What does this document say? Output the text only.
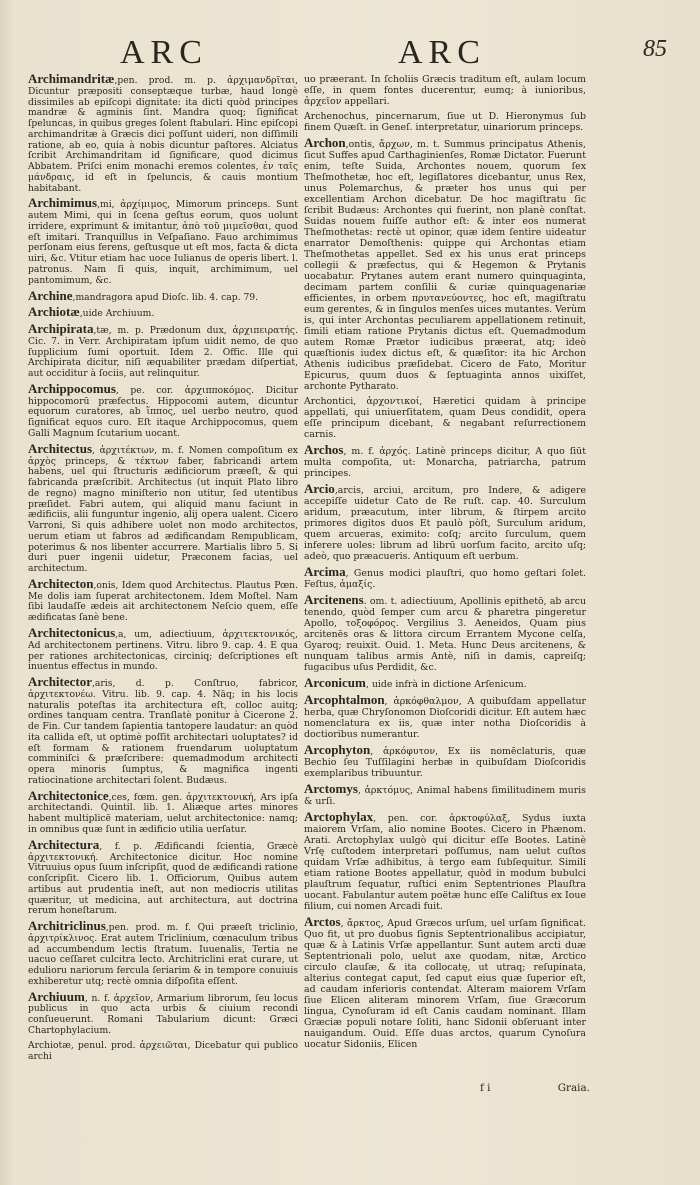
ARC	ARC	85

Archimandritæ,pen. prod. m. p. ἀρχιμανδρῖται, Dicuntur præpositi conseptæque turbæ, haud longè dissimiles ab epiſcopi dignitate: ita dicti quòd principes mandræ & agminis ſint. Mandra quoq; ſignificat ſpeluncas, in quibus greges ſolent ſtabulari. Hinc epiſcopi archimandritæ à Græcis dici poſſunt uideri, non diſſimili ratione, ab eo, quia à nobis dicuntur paſtores. Alciatus ſcribit Archimandritam id ſignificare, quod dicimus Abbatem. Priſci enim monachi eremos colentes, ἐν ταῖς μάνδραις, id eſt in ſpeluncis, & cauis montium habitabant.

Archimimus,mi, ἀρχίμιμος, Mimorum princeps. Sunt autem Mimi, qui in ſcena geſtus eorum, quos uolunt irridere, exprimunt & imitantur, ἀπὸ τοῦ μιμεῖσθαι, quod eſt imitari. Tranquillus in Veſpaſiano. Fauo archimimus perſonam eius ferens, geſtusque ut eſt mos, facta & dicta uiri, &c. Vtitur etiam hac uoce Iulianus de operis libert. l. patronus. Nam ſi quis, inquit, archimimum, uel pantomimum, &c.

Archine,mandragora apud Dioſc. lib. 4. cap. 79.

Archiotæ,uide Archiuum.

Archipirata,tæ, m. p. Prædonum dux, ἀρχιπειρατής. Cic. 7. in Verr. Archipiratam ipſum uidit nemo, de quo ſupplicium ſumi oportuit. Idem 2. Offic. Ille qui Archipirata dicitur, niſi æquabiliter prædam diſpertiat, aut occiditur à ſociis, aut relinquitur.

Archippocomus, pe. cor. ἀρχιπποκόμος. Dicitur hippocomorū præfectus. Hippocomi autem, dicuntur equorum curatores, ab ἵππος, uel uerbo neutro, quod ſignificat equos curo. Eſt itaque Archippocomus, quem Galli Magnum ſcutarium uocant.

Architectus, ἀρχιτέκτων, m. f. Nomen compoſitum ex ἀρχὸς princeps, & τέκτων faber, fabricandi artem habens, uel qui ſtructuris ædificiorum præeſt, & qui fabricanda præſcribit. Architectus (ut inquit Plato libro de regno) magno miniſterio non utitur, ſed utentibus præſidet. Fabri autem, qui aliquid manu faciunt in ædificiis, alii funguntur ingenio, alij opera ualent. Cicero Varroni, Si quis adhibere uolet non modo architectos, uerum etiam ut fabros ad ædificandam Rempublicam, poterimus & nos libenter accurrere. Martialis libro 5. Si duri puer ingenii uidetur, Præconem facias, uel architectum.

Architecton,onis, Idem quod Architectus. Plautus Pœn. Me dolis iam ſuperat architectonem. Idem Moſtel. Nam ſibi laudaſſe ædeis ait architectonem Neſcio quem, eſſe ædificatas ſanè bene.

Architectonicus,a, um, adiectiuum, ἀρχιτεκτονικός, Ad architectonem pertinens. Vitru. libro 9. cap. 4. E qua per rationes architectonicas, circiniq; deſcriptiones eſt inuentus effectus in mundo.

Architector,aris, d. p. Conſtruo, fabricor, ἀρχιτεκτονέω. Vitru. lib. 9. cap. 4. Nāq; in his locis naturalis poteſtas ita architectura eſt, colloc auitq; ordines tanquam centra. Tranſlatè ponitur à Cicerone 2. de Fin. Cur tandem ſapientia tantopere laudatur: an quòd ita callida eſt, ut optimè poſſit architectari uoluptates? id eſt formam & rationem fruendarum uoluptatum comminiſci & præſcribere: quemadmodum architecti opera minoris ſumptus, & magnifica ingenti ratiocinatione architectari ſolent. Budæus.

Architectonice,ces, fœm. gen. ἀρχιτεκτονική, Ars ipſa architectandi. Quintil. lib. 1. Aliæque artes minores habent multiplicē materiam, uelut architectonice: namq; in omnibus quæ ſunt in ædificio utilia uerſatur.

Architectura, f. p. Ædificandi ſcientia, Græcè ἀρχιτεκτονική. Architectonice dicitur. Hoc nomine Vitruuius opus ſuum inſcripſit, quod de ædificandi ratione conſcripſit. Cicero lib. 1. Officiorum, Quibus autem artibus aut prudentia ineſt, aut non mediocris utilitas quæritur, ut medicina, aut architectura, aut doctrina rerum honeſtarum.

Architriclinus,pen. prod. m. f. Qui præeſt triclinio, ἀρχιτρίκλινος. Erat autem Triclinium, cœnaculum tribus ad accumbendum lectis ſtratum. Iuuenalis, Tertia ne uacuo ceſſaret culcitra lecto. Architriclini erat curare, ut edulioru nariorum fercula ſeriarim & in tempore conuiuis exhiberetur utq; rectè omnia diſpoſita eſſent.

Archiuum, n. f. ἀρχεῖον, Armarium librorum, ſeu locus publicus in quo acta urbis & ciuium recondi conſueuerunt. Romani Tabularium dicunt: Græci Chartophylacium.

Archiotæ, penul. prod. ἀρχειῶται, Dicebatur qui publico archi

uo præerant. In ſcholiis Græcis traditum eſt, aulam locum eſſe, in quem fontes ducerentur, eumq; à iunioribus, ἀρχεῖον appellari.

Archenochus, pincernarum, ſiue ut D. Hieronymus ſub finem Quæſt. in Geneſ. interpretatur, uinariorum princeps.

Archon,ontis, ἄρχων, m. t. Summus principatus Athenis, ſicut Suffes apud Carthaginienſes, Romæ Dictator. Fuerunt enim, teſte Suida, Archontes nouem, quorum ſex Theſmothetæ, hoc eſt, legiſlatores dicebantur, unus Rex, unus Polemarchus, & præter hos unus qui per excellentiam Archon dicebatur. De hoc magiſtratu ſic ſcribit Budæus: Archontes qui fuerint, non planè conſtat. Suidas nouem fuiſſe author eſt: & inter eos numerat Theſmothetas: rectè ut opinor, quæ idem ſentire uideatur enarrator Demoſthenis: quippe qui Archontas etiam Theſmothetas appellet. Sed ex his unus erat princeps collegii & præfectus, qui & Hegemon & Prytanis uocabatur. Prytanes autem erant numero quinquaginta, decimam partem conſilii & curiæ quinquagenariæ efficientes, in orbem πρυτανεύοντες, hoc eſt, magiſtratu eum gerentes, & in ſingulos menſes uices mutantes. Verùm is, qui inter Archontas peculiarem appellationem retinuit, ſimili etiam ratione Prytanis dictus eſt. Quemadmodum autem Romæ Prætor iudicibus præerat, atq; ideò quæſtionis iudex dictus eſt, & quæſitor: ita hic Archon Athenis iudicibus præſidebat. Cicero de Fato, Moritur Epicurus, quum duos & ſeptuaginta annos uixiſſet, archonte Pytharato.

Archontici, ἀρχοντικοί, Hæretici quidam à principe appellati, qui uniuerſitatem, quam Deus condidit, opera eſſe principum dicebant, & negabant reſurrectionem carnis.

Archos, m. f. ἀρχός. Latinè princeps dicitur, A quo ſiūt multa compoſita, ut: Monarcha, patriarcha, patrum principes.

Arcio,arcis, arciui, arcitum, pro Indere, & adigere accepiſſe uidetur Cato de Re ruſt. cap. 40. Surculum aridum, præacutum, inter librum, & ſtirpem arcito primores digitos duos Et paulò pòſt, Surculum aridum, quem arcueras, eximito: coſq; arcito ſurculum, quem inferere uoles: librum ad librū uorſum facito, arcito uſq; adeò, quo præacueris. Antiquum eſt uerbum.

Arcima, Genus modici plauſtri, quo homo geſtari ſolet. Feſtus, ἀμαξίς.

Arcitenens. om. t. adiectiuum, Apollinis epithetō, ab arcu tenendo, quòd ſemper cum arcu & pharetra pingeretur Apollo, τοξοφόρος. Vergilius 3. Aeneidos, Quam pius arcitenēs oras & littora circum Errantem Mycone celſa, Gyaroq; reuixit. Ouid. 1. Meta. Hunc Deus arcitenens, & nunquam talibus armis Antè, niſi in damis, capreiſq; fugacibus uſus Perdidit, &c.

Arconicum, uide infrà in dictione Arſenicum.

Arcophtalmon, ἀρκόφθαλμον, A quibuſdam appellatur herba, quæ Chryſonomon Dioſcoridi dicitur. Eſt autem hæc nomenclatura ex iis, quæ inter notha Dioſcoridis à doctioribus numerantur.

Arcophyton, ἀρκόφυτον, Ex iis nomēclaturis, quæ Bechio ſeu Tuſſilagini herbæ in quibuſdam Dioſcoridis exemplaribus tribuuntur.

Arctomys, ἀρκτόμυς, Animal habens ſimilitudinem muris & urſi.

Arctophylax, pen. cor. ἀρκτοφύλαξ, Sydus iuxta maiorem Vrſam, alio nomine Bootes. Cicero in Phænom. Arati. Arctophylax uulgò qui dicitur eſſe Bootes. Latinè Vrſę cuſtodem interpretari poſſumus, nam uelut cuſtos quidam Vrſæ adhibitus, à tergo eam ſubſequitur. Simili etiam ratione Bootes appellatur, quòd in modum bubulci plauſtrum ſequatur, ruſtici enim Septentriones Plauſtra uocant. Fabulantur autem poëtæ hunc eſſe Caliſtus ex Ioue filium, cui nomen Arcadi fuit.

Arctos, ἄρκτος, Apud Græcos urſum, uel urſam ſignificat. Quo fit, ut pro duobus ſignis Septentrionalibus accipiatur, quæ & à Latinis Vrſæ appellantur. Sunt autem arcti duæ Septentrionali polo, uelut axe quodam, nitæ, Arctico circulo clauſæ, & ita collocatę, ut utraq; reſupinata, alterius contegat caput, ſed caput eius quæ ſuperior eſt, ad caudam inferioris contendat. Alteram maiorem Vrſam ſiue Elicen aliteram minorem Vrſam, ſiue Græcorum lingua, Cynoſuram id eſt Canis caudam nominant. Illam Græciæ populi notare ſoliti, hanc Sidonii obſeruant inter nauigandum. Ouid. Eſſe duas arctos, quarum Cynoſura uocatur Sidoniis, Elicen

f i	Graia.
